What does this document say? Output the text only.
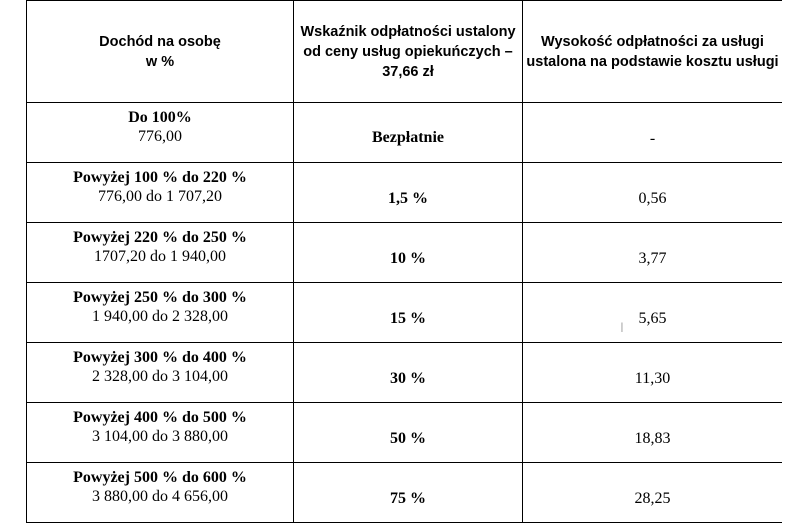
Dochód na osobę
w %	Wskaźnik odpłatności ustalony od ceny usług opiekuńczych –37,66 zł	Wysokość odpłatności za usługi ustalona na podstawie kosztu usługi

Do 100%
776,00	Bezpłatnie	-

Powyżej 100 % do 220 %
776,00 do 1 707,20	1,5 %	0,56

Powyżej 220 % do 250 %
1707,20 do 1 940,00	10 %	3,77

Powyżej 250 % do 300 %
1 940,00 do 2 328,00	15 %	5,65

Powyżej 300 % do 400 %
2 328,00 do 3 104,00	30 %	11,30

Powyżej 400 % do 500 %
3 104,00 do 3 880,00	50 %	18,83

Powyżej 500 % do 600 %
3 880,00 do 4 656,00	75 %	28,25
I
